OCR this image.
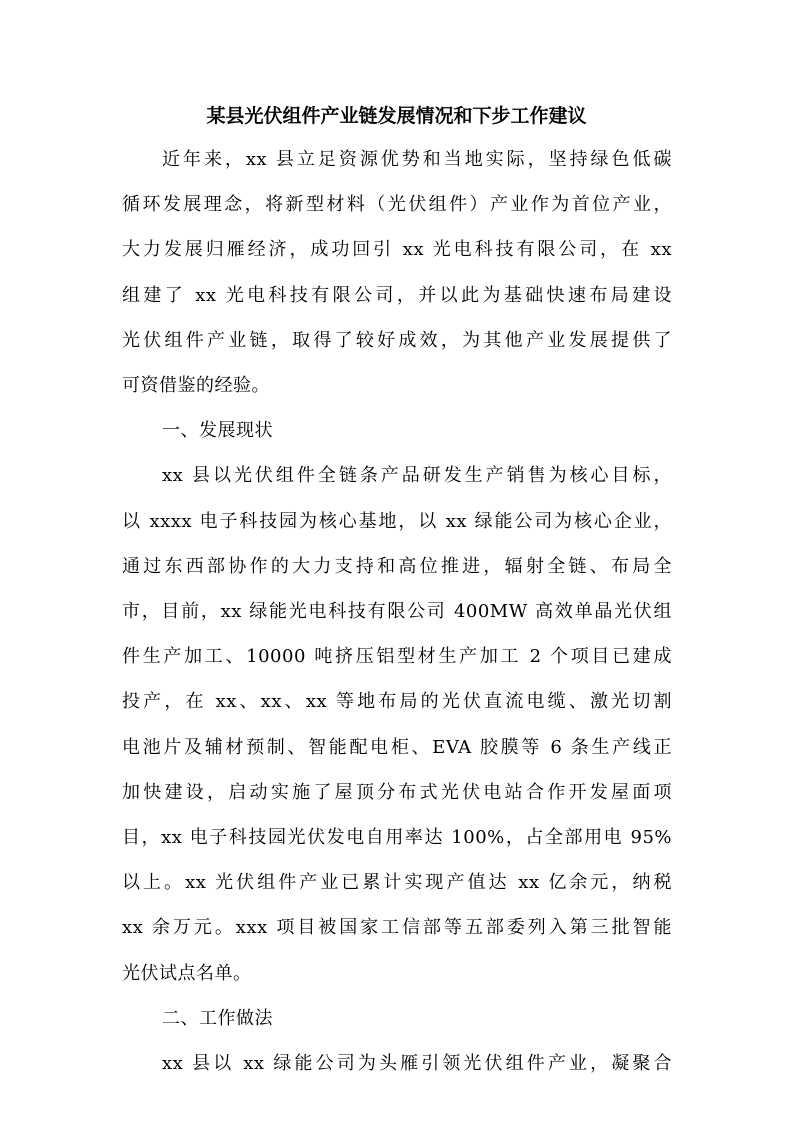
某县光伏组件产业链发展情况和下步工作建议
近年来，xx 县立足资源优势和当地实际，坚持绿色低碳
循环发展理念，将新型材料（光伏组件）产业作为首位产业，
大力发展归雁经济，成功回引 xx 光电科技有限公司，在 xx
组建了 xx 光电科技有限公司，并以此为基础快速布局建设
光伏组件产业链，取得了较好成效，为其他产业发展提供了
可资借鉴的经验。
一、发展现状
xx 县以光伏组件全链条产品研发生产销售为核心目标，
以 xxxx 电子科技园为核心基地，以 xx 绿能公司为核心企业，
通过东西部协作的大力支持和高位推进，辐射全链、布局全
市，目前，xx 绿能光电科技有限公司 400MW 高效单晶光伏组
件生产加工、10000 吨挤压铝型材生产加工 2 个项目已建成
投产，在 xx、xx、xx 等地布局的光伏直流电缆、激光切割
电池片及辅材预制、智能配电柜、EVA 胶膜等 6 条生产线正
加快建设，启动实施了屋顶分布式光伏电站合作开发屋面项
目，xx 电子科技园光伏发电自用率达 100%，占全部用电 95%
以上。xx 光伏组件产业已累计实现产值达 xx 亿余元，纳税
xx 余万元。xxx 项目被国家工信部等五部委列入第三批智能
光伏试点名单。
二、工作做法
xx 县以 xx 绿能公司为头雁引领光伏组件产业，凝聚合
